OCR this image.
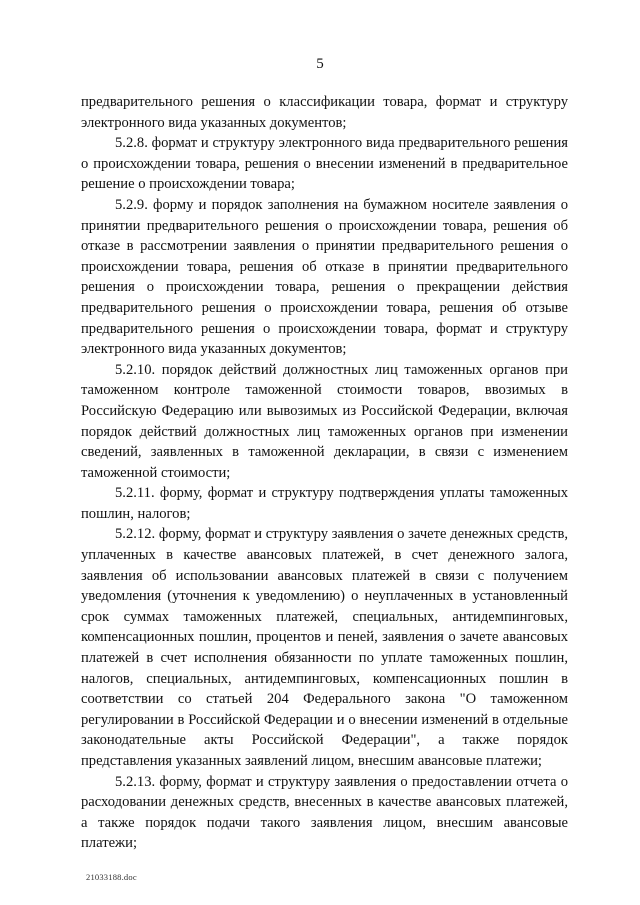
5

предварительного решения о классификации товара, формат и структуру электронного вида указанных документов;

5.2.8. формат и структуру электронного вида предварительного решения о происхождении товара, решения о внесении изменений в предварительное решение о происхождении товара;

5.2.9. форму и порядок заполнения на бумажном носителе заявления о принятии предварительного решения о происхождении товара, решения об отказе в рассмотрении заявления о принятии предварительного решения о происхождении товара, решения об отказе в принятии предварительного решения о происхождении товара, решения о прекращении действия предварительного решения о происхождении товара, решения об отзыве предварительного решения о происхождении товара, формат и структуру электронного вида указанных документов;

5.2.10. порядок действий должностных лиц таможенных органов при таможенном контроле таможенной стоимости товаров, ввозимых в Российскую Федерацию или вывозимых из Российской Федерации, включая порядок действий должностных лиц таможенных органов при изменении сведений, заявленных в таможенной декларации, в связи с изменением таможенной стоимости;

5.2.11. форму, формат и структуру подтверждения уплаты таможенных пошлин, налогов;

5.2.12. форму, формат и структуру заявления о зачете денежных средств, уплаченных в качестве авансовых платежей, в счет денежного залога, заявления об использовании авансовых платежей в связи с получением уведомления (уточнения к уведомлению) о неуплаченных в установленный срок суммах таможенных платежей, специальных, антидемпинговых, компенсационных пошлин, процентов и пеней, заявления о зачете авансовых платежей в счет исполнения обязанности по уплате таможенных пошлин, налогов, специальных, антидемпинговых, компенсационных пошлин в соответствии со статьей 204 Федерального закона "О таможенном регулировании в Российской Федерации и о внесении изменений в отдельные законодательные акты Российской Федерации", а также порядок представления указанных заявлений лицом, внесшим авансовые платежи;

5.2.13. форму, формат и структуру заявления о предоставлении отчета о расходовании денежных средств, внесенных в качестве авансовых платежей, а также порядок подачи такого заявления лицом, внесшим авансовые платежи;

21033188.doc
